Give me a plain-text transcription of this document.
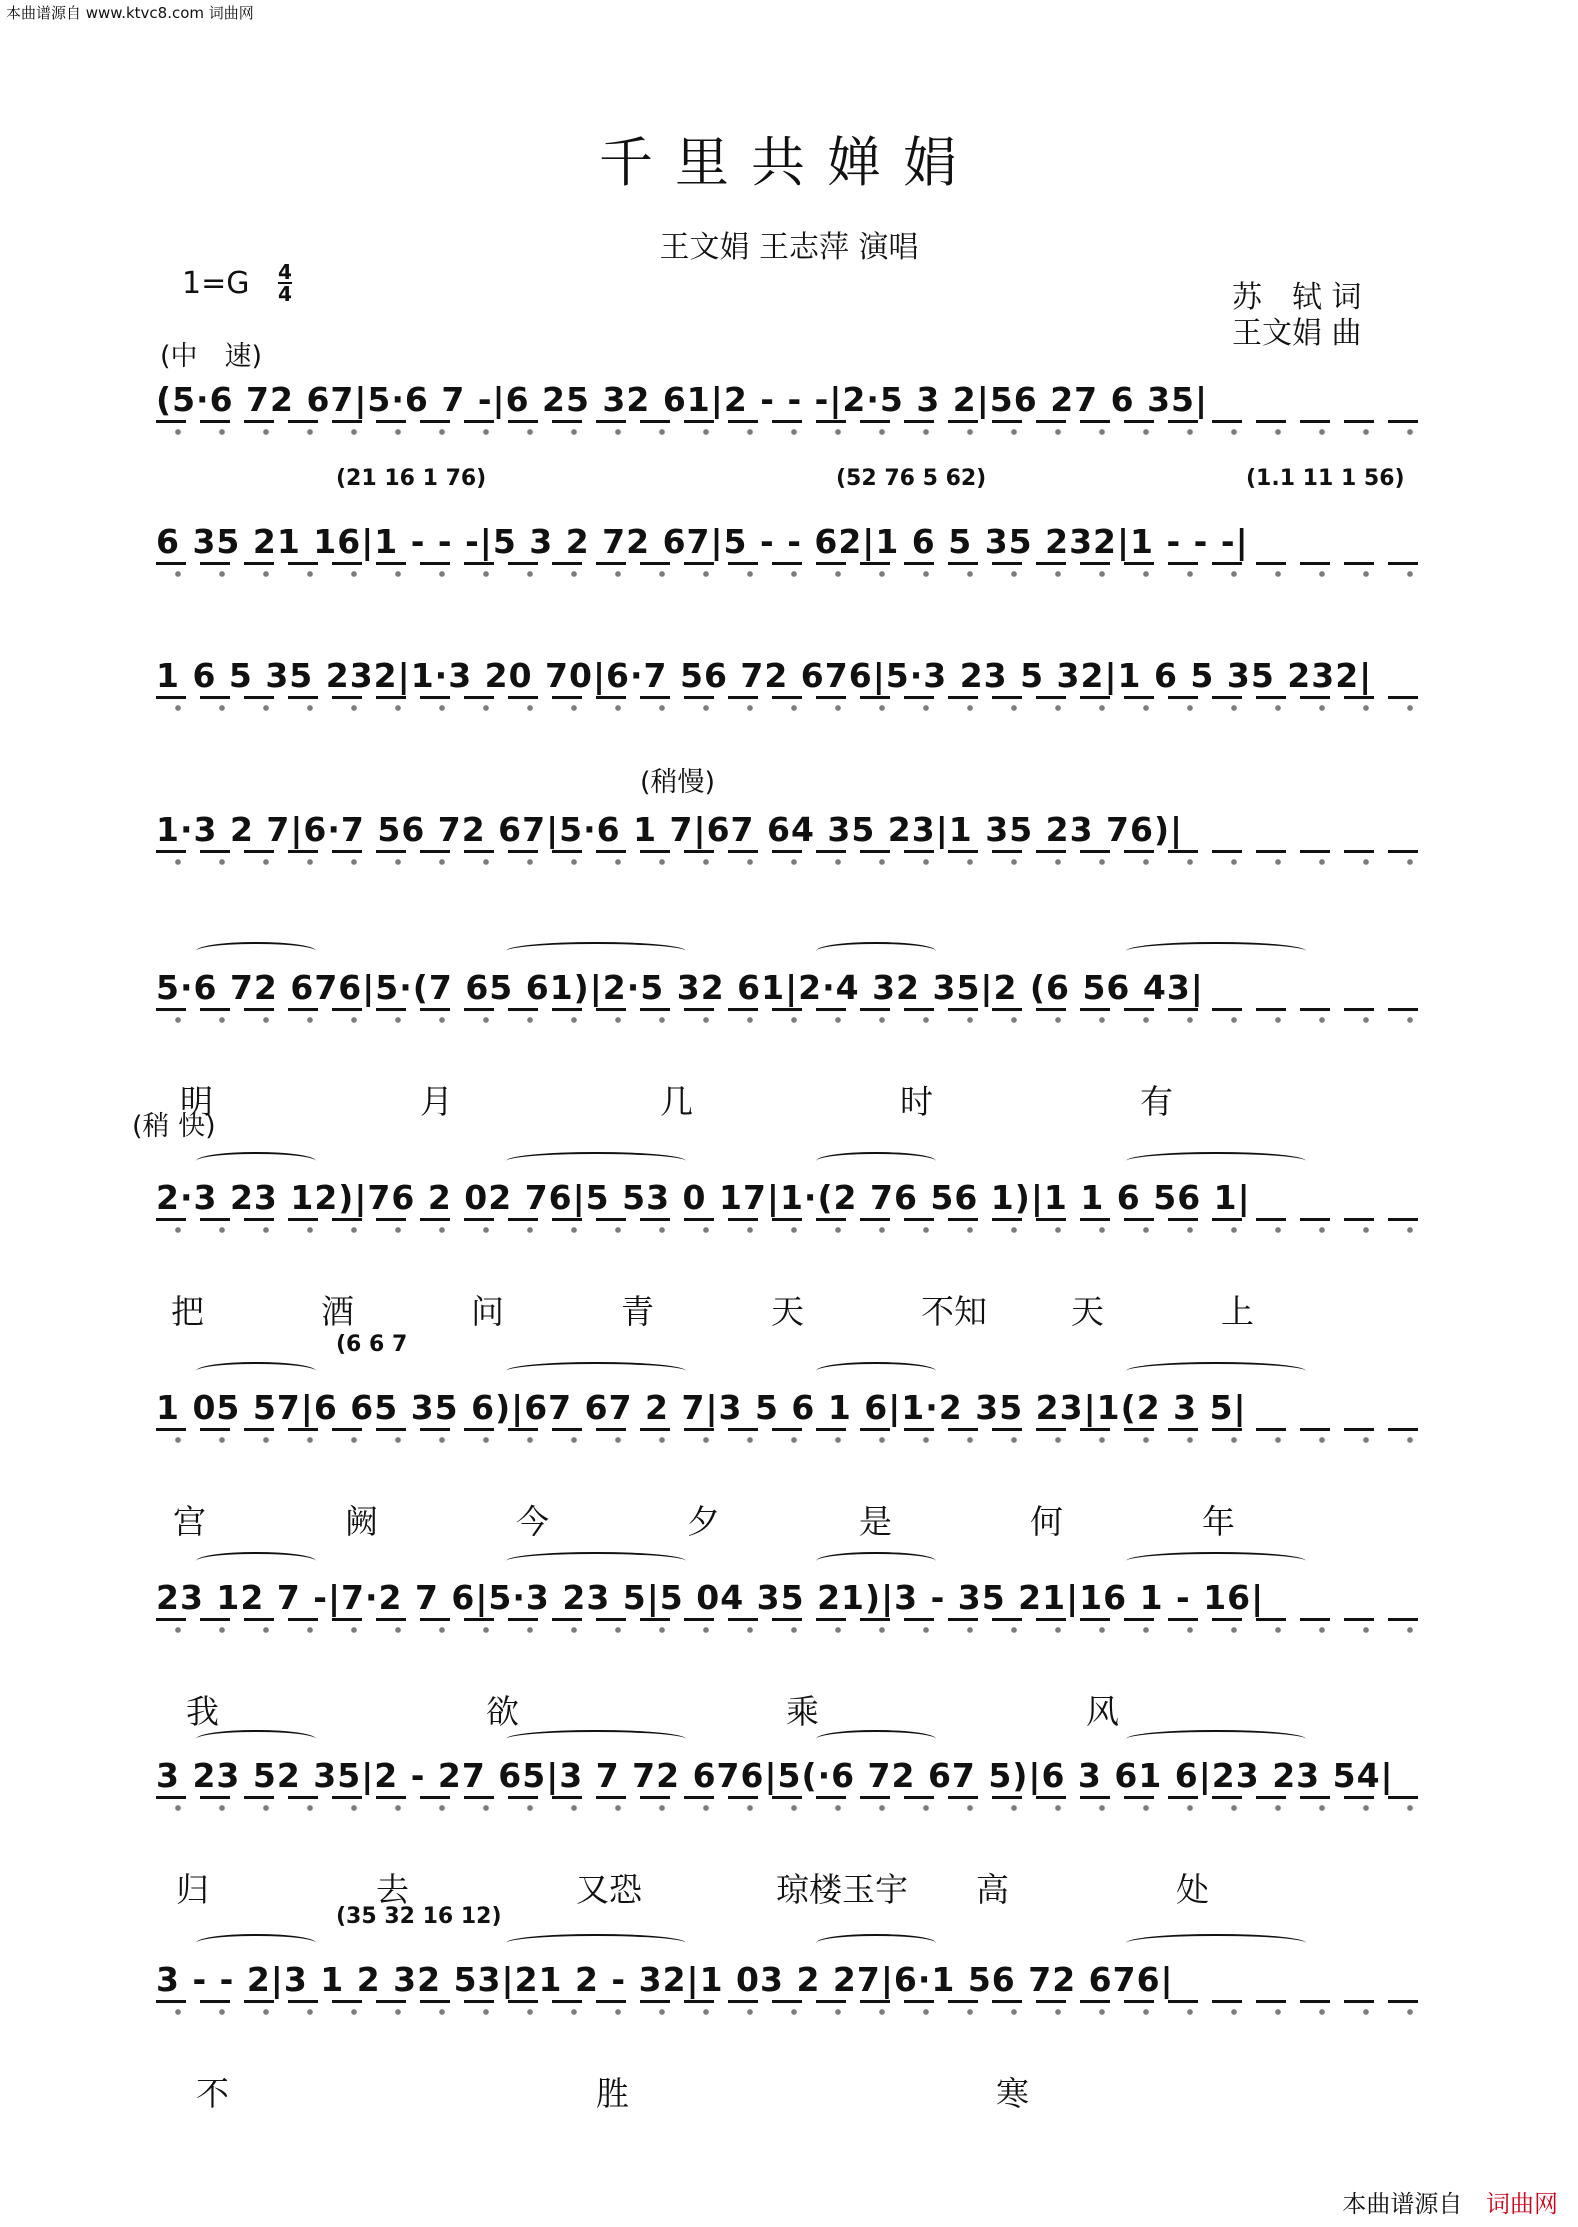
本曲谱源自 www.ktvc8.com 词曲网
千里共婵娟
王文娟 王志萍 演唱
1=G 4
4	苏　轼 词
王文娟 曲
(中　速)
(稍慢)
(稍 快)
(5·6 72 67|5·6 7 -|6 25 32 61|2 - - -|2·5 3 2|56 27 6 35|
6 35 21 16|1 - - -|5 3 2 72 67|5 - - 62|1 6 5 35 232|1 - - -|
(21 16 1 76)	(52 76 5 62)	(1.1 11 1 56)
1 6 5 35 232|1·3 20 70|6·7 56 72 676|5·3 23 5 32|1 6 5 35 232|
1·3 2 7|6·7 56 72 67|5·6 1 7|67 64 35 23|1 35 23 76)|
5·6 72 676|5·(7 65 61)|2·5 32 61|2·4 32 35|2 (6 56 43|
明	月	几	时	有
2·3 23 12)|76 2 02 76|5 53 0 17|1·(2 76 56 1)|1 1 6 56 1|
把	酒	问	青	天	不知	天	上
1 05 57|6 65 35 6)|67 67 2 7|3 5 6 1 6|1·2 35 23|1(2 3 5|
(6 6 7
宫	阙	今	夕	是	何	年
23 12 7 -|7·2 7 6|5·3 23 5|5 04 35 21)|3 - 35 21|16 1 - 16|
我	欲	乘	风
3 23 52 35|2 - 27 65|3 7 72 676|5(·6 72 67 5)|6 3 61 6|23 23 54|
归	去	又恐	琼楼玉宇 高	处
3 - - 2|3 1 2 32 53|21 2 - 32|1 03 2 27|6·1 56 72 676|
(35 32 16 12)
不	胜	寒
本曲谱源自 词曲网
